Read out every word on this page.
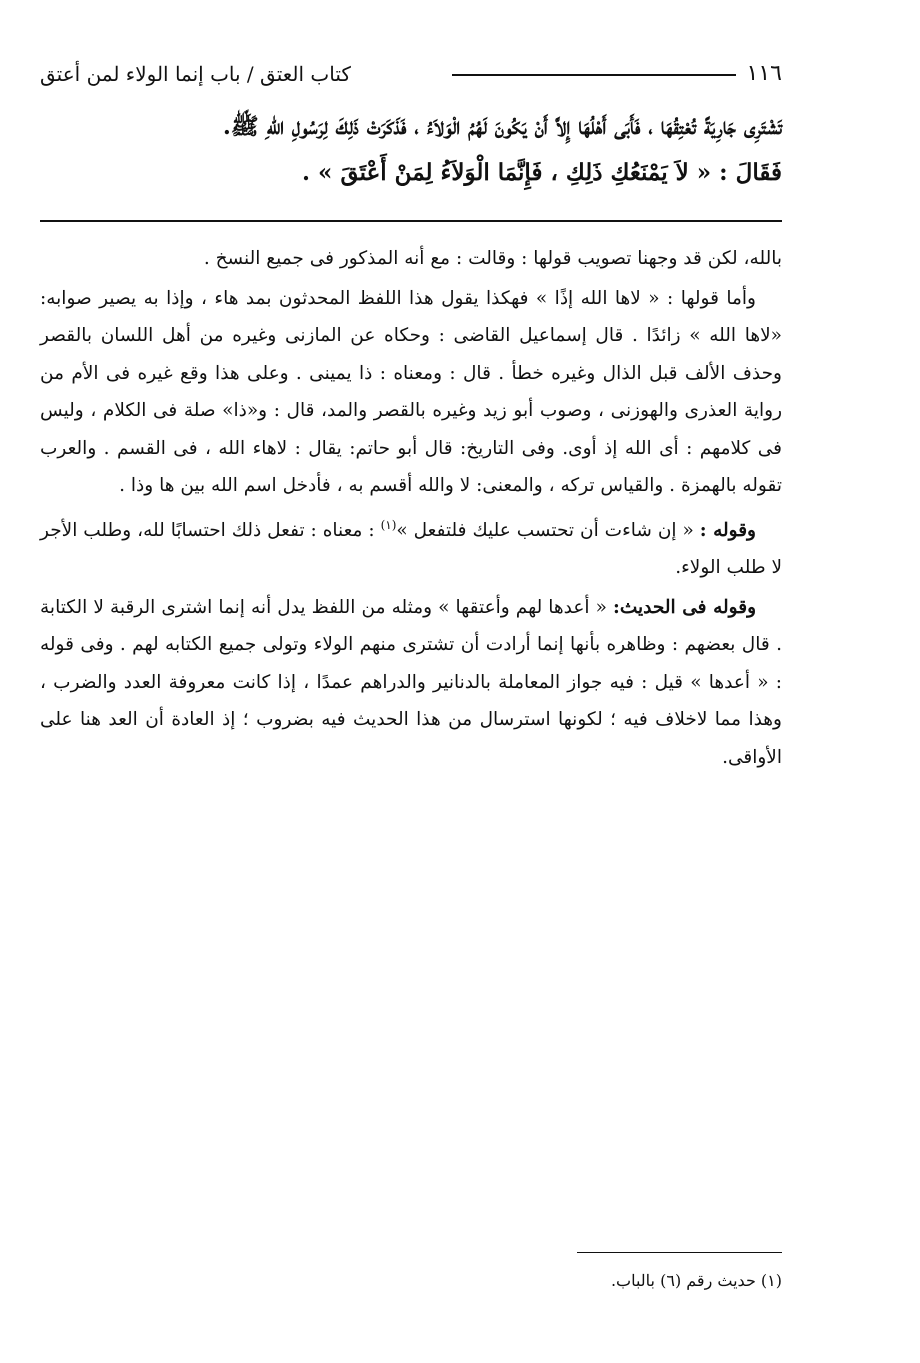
١١٦
كتاب العتق / باب إنما الولاء لمن أعتق

تَشْتَرِى جَارِيَةً تُعْتِقُهَا ، فَأَبَى أَهْلُهَا إِلاَّ أَنْ يَكُونَ لَهُمُ الْوَلاَءُ ، فَذَكَرَتْ ذَلِكَ لِرَسُولِ اللهِ ﷺ.

فَقَالَ : « لاَ يَمْنَعُكِ ذَلِكِ ، فَإِنَّمَا الْوَلاَءُ لِمَنْ أَعْتَقَ » .

بالله، لكن قد وجهنا تصويب قولها : وقالت : مع أنه المذكور فى جميع النسخ .

وأما قولها : « لاها الله إذًا » فهكذا يقول هذا اللفظ المحدثون بمد هاء ، وإذا به يصير صوابه: «لاها الله » زائدًا . قال إسماعيل القاضى : وحكاه عن المازنى وغيره من أهل اللسان بالقصر وحذف الألف قبل الذال وغيره خطأ . قال : ومعناه : ذا يمينى . وعلى هذا وقع غيره فى الأم من رواية العذرى والهوزنى ، وصوب أبو زيد وغيره بالقصر والمد، قال : و«ذا» صلة فى الكلام ، وليس فى كلامهم : أى الله إذ أوى. وفى التاريخ: قال أبو حاتم: يقال : لاهاء الله ، فى القسم . والعرب تقوله بالهمزة . والقياس تركه ، والمعنى: لا والله أقسم به ، فأدخل اسم الله بين ها وذا .

وقوله : « إن شاءت أن تحتسب عليك فلتفعل »$^{(١)}$ : معناه : تفعل ذلك احتسابًا لله، وطلب الأجر لا طلب الولاء.

وقوله فى الحديث: « أعدها لهم وأعتقها » ومثله من اللفظ يدل أنه إنما اشترى الرقبة لا الكتابة . قال بعضهم : وظاهره بأنها إنما أرادت أن تشترى منهم الولاء وتولى جميع الكتابه لهم . وفى قوله : « أعدها » قيل : فيه جواز المعاملة بالدنانير والدراهم عمدًا ، إذا كانت معروفة العدد والضرب ، وهذا مما لاخلاف فيه ؛ لكونها استرسال من هذا الحديث فيه بضروب ؛ إذ العادة أن العد هنا على الأواقى.

(١) حديث رقم (٦) بالباب.
